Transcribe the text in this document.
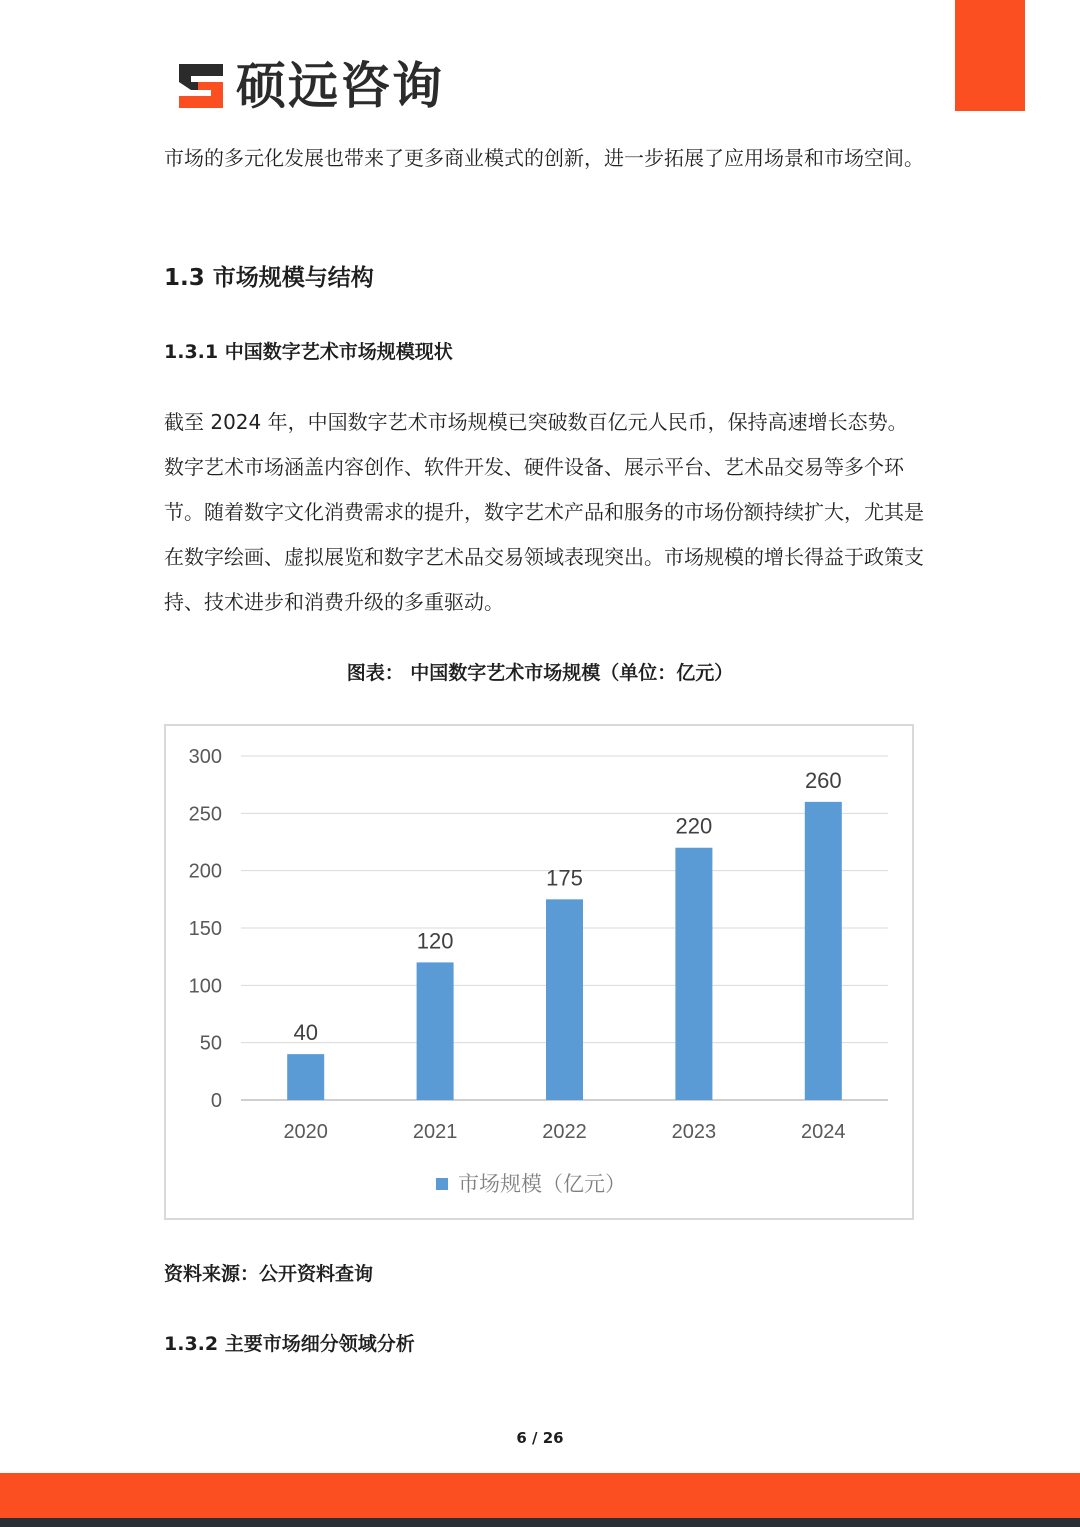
硕远咨询

市场的多元化发展也带来了更多商业模式的创新，进一步拓展了应用场景和市场空间。

1.3 市场规模与结构
1.3.1 中国数字艺术市场规模现状

截至 2024 年，中国数字艺术市场规模已突破数百亿元人民币，保持高速增长态势。数字艺术市场涵盖内容创作、软件开发、硬件设备、展示平台、艺术品交易等多个环节。随着数字文化消费需求的提升，数字艺术产品和服务的市场份额持续扩大，尤其是在数字绘画、虚拟展览和数字艺术品交易领域表现突出。市场规模的增长得益于政策支持、技术进步和消费升级的多重驱动。

图表： 中国数字艺术市场规模（单位：亿元）
0
50
100
150
200
250
300
40
2020
120
2021
175
2022
220
2023
260
2024
市场规模（亿元）
资料来源：公开资料查询
1.3.2 主要市场细分领域分析
6 / 26
